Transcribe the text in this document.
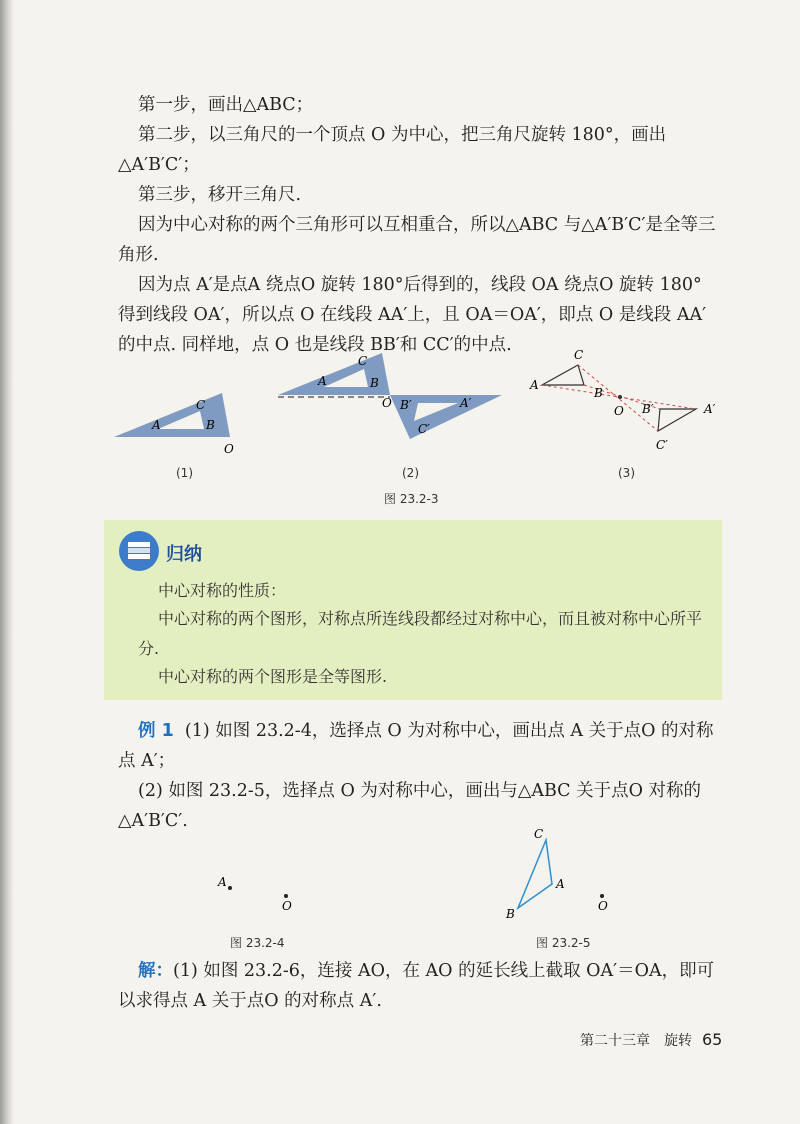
第一步，画出△ABC；

第二步，以三角尺的一个顶点 O 为中心，把三角尺旋转 180°，画出△A′B′C′；

第三步，移开三角尺.

因为中心对称的两个三角形可以互相重合，所以△ABC 与△A′B′C′是全等三角形.

因为点 A′是点A 绕点O 旋转 180°后得到的，线段 OA 绕点O 旋转 180°得到线段 OA′，所以点 O 在线段 AA′上，且 OA＝OA′，即点 O 是线段 AA′的中点. 同样地，点 O 也是线段 BB′和 CC′的中点.

C
A	B
O
C
A	B
O B′	A′
C′
C
A
B
O B′	A′
C′
(1)	(2)	(3)
图 23.2-3
归纳

中心对称的性质：

中心对称的两个图形，对称点所连线段都经过对称中心，而且被对称中心所平分.

中心对称的两个图形是全等图形.

例 1 (1) 如图 23.2-4，选择点 O 为对称中心，画出点 A 关于点O 的对称点 A′；

(2) 如图 23.2-5，选择点 O 为对称中心，画出与△ABC 关于点O 对称的△A′B′C′.

A
O
图 23.2-4
C
A
B
O
图 23.2-5

解：(1) 如图 23.2-6，连接 AO，在 AO 的延长线上截取 OA′＝OA，即可以求得点 A 关于点O 的对称点 A′.

第二十三章　旋转 65
